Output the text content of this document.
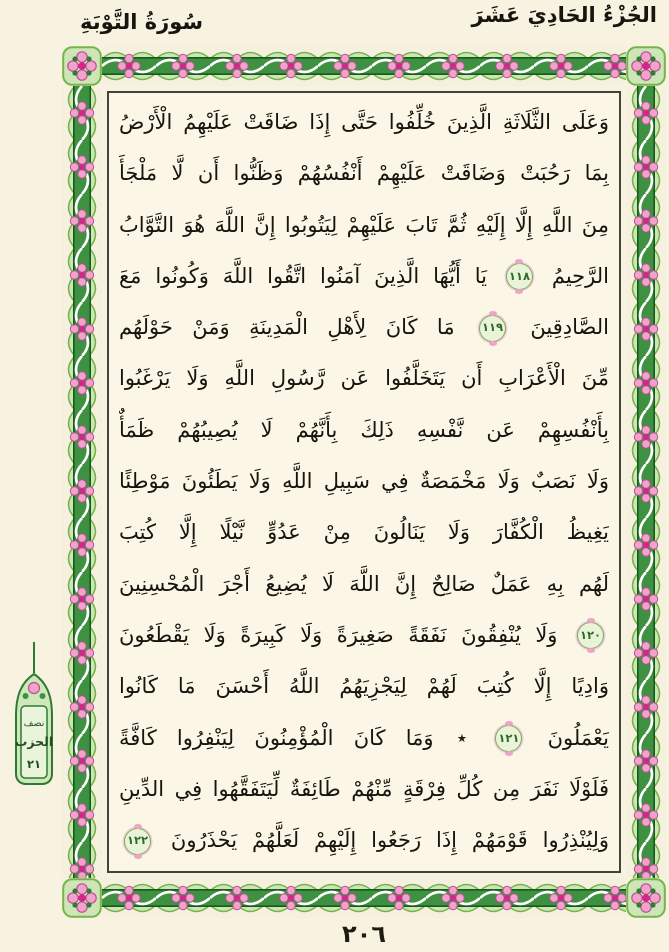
الجُزْءُ الحَادِيَ عَشَرَ
سُورَةُ التَّوْبَةِ
وَعَلَى الثَّلَاثَةِ الَّذِينَ خُلِّفُوا حَتَّى إِذَا ضَاقَتْ عَلَيْهِمُ الْأَرْضُ
بِمَا رَحُبَتْ وَضَاقَتْ عَلَيْهِمْ أَنْفُسُهُمْ وَظَنُّوا أَن لَّا مَلْجَأَ
مِنَ اللَّهِ إِلَّا إِلَيْهِ ثُمَّ تَابَ عَلَيْهِمْ لِيَتُوبُوا إِنَّ اللَّهَ هُوَ التَّوَّابُ
الرَّحِيمُ ١١٨ يَا أَيُّهَا الَّذِينَ آمَنُوا اتَّقُوا اللَّهَ وَكُونُوا مَعَ
الصَّادِقِينَ ١١٩ مَا كَانَ لِأَهْلِ الْمَدِينَةِ وَمَنْ حَوْلَهُم
مِّنَ الْأَعْرَابِ أَن يَتَخَلَّفُوا عَن رَّسُولِ اللَّهِ وَلَا يَرْغَبُوا
بِأَنْفُسِهِمْ عَن نَّفْسِهِ ذَلِكَ بِأَنَّهُمْ لَا يُصِيبُهُمْ ظَمَأٌ
وَلَا نَصَبٌ وَلَا مَخْمَصَةٌ فِي سَبِيلِ اللَّهِ وَلَا يَطَئُونَ مَوْطِئًا
يَغِيظُ الْكُفَّارَ وَلَا يَنَالُونَ مِنْ عَدُوٍّ نَّيْلًا إِلَّا كُتِبَ
لَهُم بِهِ عَمَلٌ صَالِحٌ إِنَّ اللَّهَ لَا يُضِيعُ أَجْرَ الْمُحْسِنِينَ
١٢٠ وَلَا يُنْفِقُونَ نَفَقَةً صَغِيرَةً وَلَا كَبِيرَةً وَلَا يَقْطَعُونَ
وَادِيًا إِلَّا كُتِبَ لَهُمْ لِيَجْزِيَهُمُ اللَّهُ أَحْسَنَ مَا كَانُوا
يَعْمَلُونَ ١٢١ ٭ وَمَا كَانَ الْمُؤْمِنُونَ لِيَنْفِرُوا كَافَّةً
فَلَوْلَا نَفَرَ مِن كُلِّ فِرْقَةٍ مِّنْهُمْ طَائِفَةٌ لِّيَتَفَقَّهُوا فِي الدِّينِ
وَلِيُنْذِرُوا قَوْمَهُمْ إِذَا رَجَعُوا إِلَيْهِمْ لَعَلَّهُمْ يَحْذَرُونَ ١٢٢
نصف
الحزب
٢١
٢٠٦
